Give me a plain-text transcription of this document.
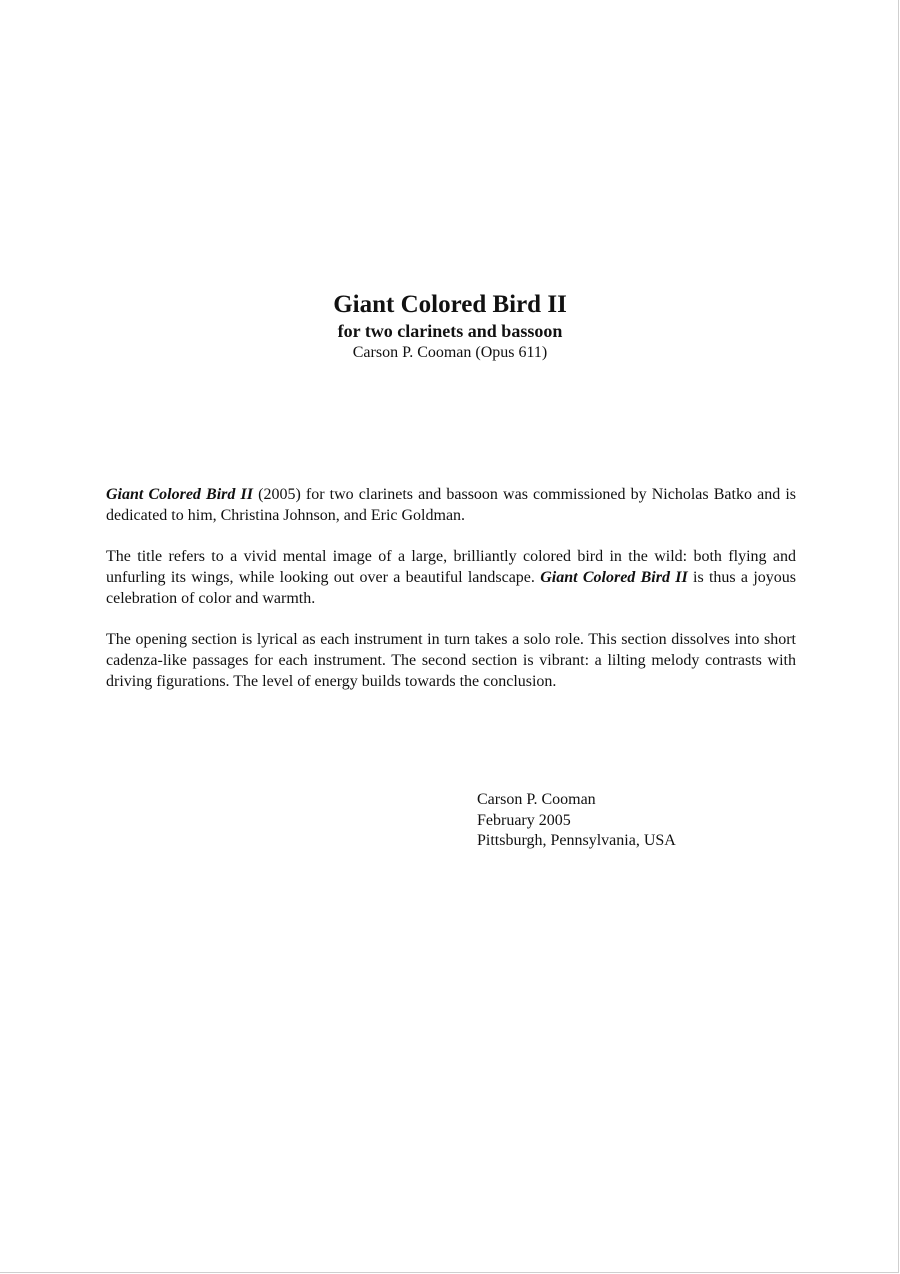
Giant Colored Bird II
for two clarinets and bassoon
Carson P. Cooman (Opus 611)

Giant Colored Bird II (2005) for two clarinets and bassoon was commissioned by Nicholas Batko and is dedicated to him, Christina Johnson, and Eric Goldman.

The title refers to a vivid mental image of a large, brilliantly colored bird in the wild: both flying and unfurling its wings, while looking out over a beautiful landscape. Giant Colored Bird II is thus a joyous celebration of color and warmth.

The opening section is lyrical as each instrument in turn takes a solo role. This section dissolves into short cadenza-like passages for each instrument. The second section is vibrant: a lilting melody contrasts with driving figurations. The level of energy builds towards the conclusion.

Carson P. Cooman
February 2005
Pittsburgh, Pennsylvania, USA
